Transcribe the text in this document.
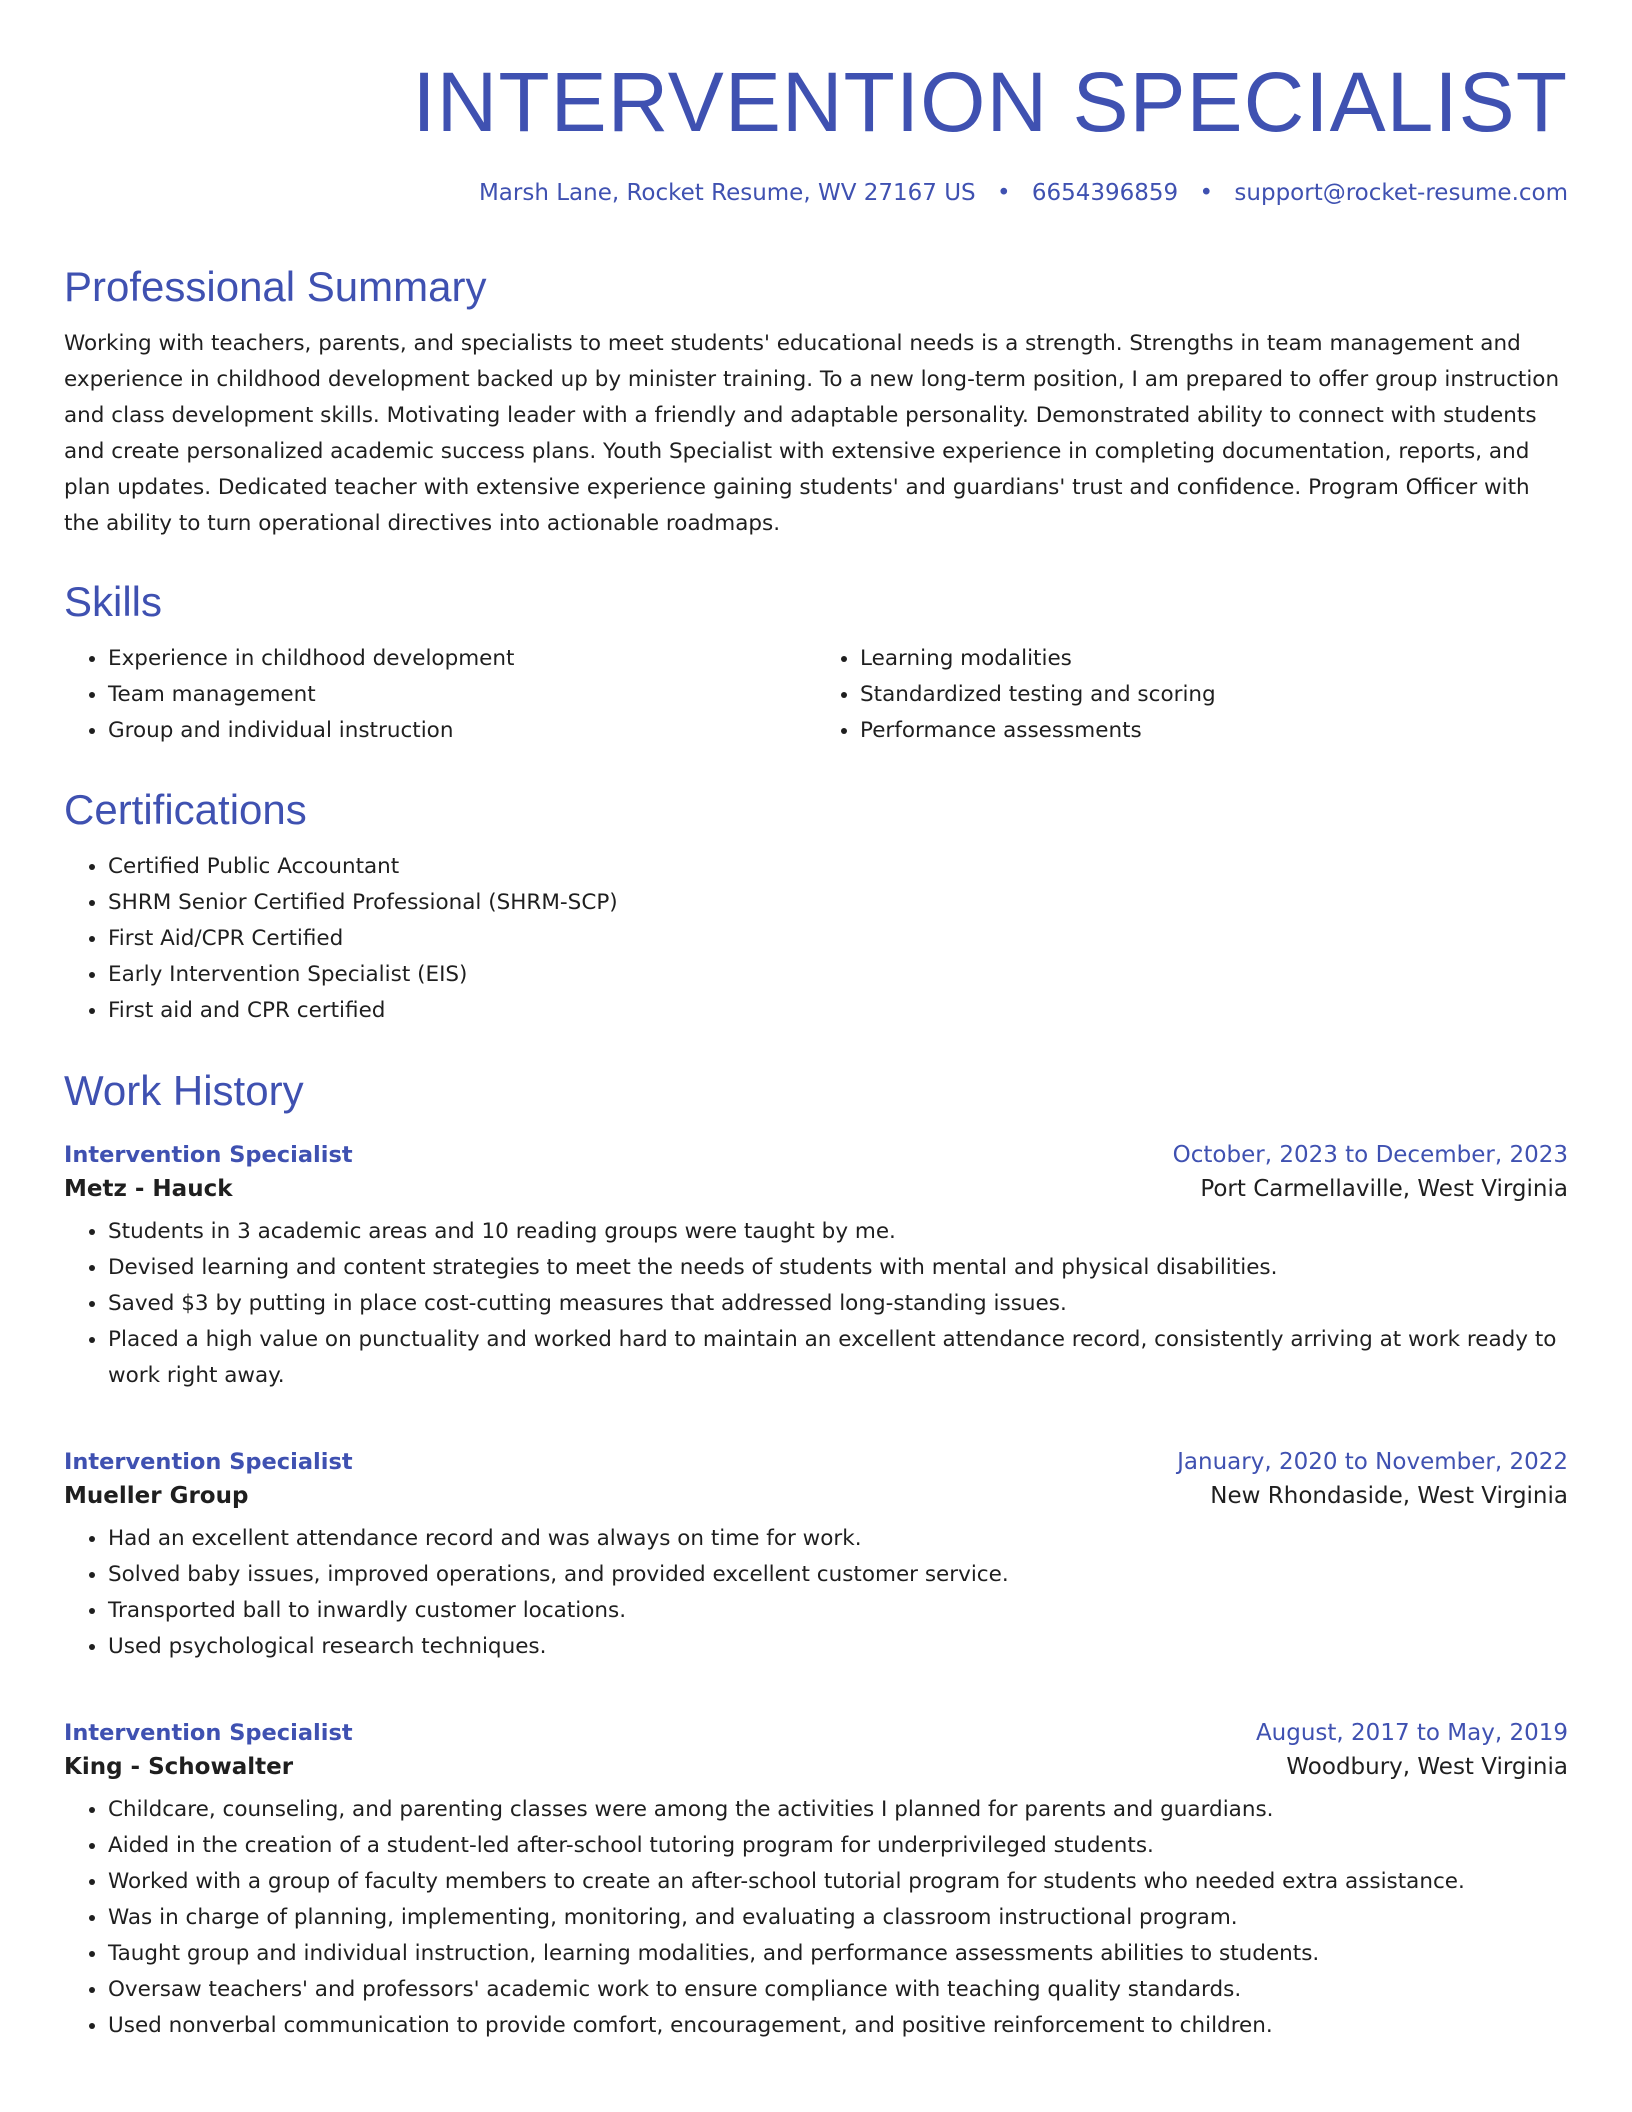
INTERVENTION SPECIALIST
Marsh Lane, Rocket Resume, WV 27167 US • 6654396859 • support@rocket-resume.com
Professional Summary

Working with teachers, parents, and specialists to meet students' educational needs is a strength. Strengths in team management and experience in childhood development backed up by minister training. To a new long-term position, I am prepared to offer group instruction and class development skills. Motivating leader with a friendly and adaptable personality. Demonstrated ability to connect with students and create personalized academic success plans. Youth Specialist with extensive experience in completing documentation, reports, and plan updates. Dedicated teacher with extensive experience gaining students' and guardians' trust and confidence. Program Officer with the ability to turn operational directives into actionable roadmaps.

Skills
• Experience in childhood development
• Team management
• Group and individual instruction
• Learning modalities
• Standardized testing and scoring
• Performance assessments
Certifications
• Certified Public Accountant
• SHRM Senior Certified Professional (SHRM-SCP)
• First Aid/CPR Certified
• Early Intervention Specialist (EIS)
• First aid and CPR certified
Work History
Intervention Specialist	October, 2023 to December, 2023
Metz - Hauck	Port Carmellaville, West Virginia
• Students in 3 academic areas and 10 reading groups were taught by me.
• Devised learning and content strategies to meet the needs of students with mental and physical disabilities.
• Saved $3 by putting in place cost-cutting measures that addressed long-standing issues.
• Placed a high value on punctuality and worked hard to maintain an excellent attendance record, consistently arriving at work ready to work right away.
Intervention Specialist	January, 2020 to November, 2022
Mueller Group	New Rhondaside, West Virginia
• Had an excellent attendance record and was always on time for work.
• Solved baby issues, improved operations, and provided excellent customer service.
• Transported ball to inwardly customer locations.
• Used psychological research techniques.
Intervention Specialist	August, 2017 to May, 2019
King - Schowalter	Woodbury, West Virginia
• Childcare, counseling, and parenting classes were among the activities I planned for parents and guardians.
• Aided in the creation of a student-led after-school tutoring program for underprivileged students.
• Worked with a group of faculty members to create an after-school tutorial program for students who needed extra assistance.
• Was in charge of planning, implementing, monitoring, and evaluating a classroom instructional program.
• Taught group and individual instruction, learning modalities, and performance assessments abilities to students.
• Oversaw teachers' and professors' academic work to ensure compliance with teaching quality standards.
• Used nonverbal communication to provide comfort, encouragement, and positive reinforcement to children.
